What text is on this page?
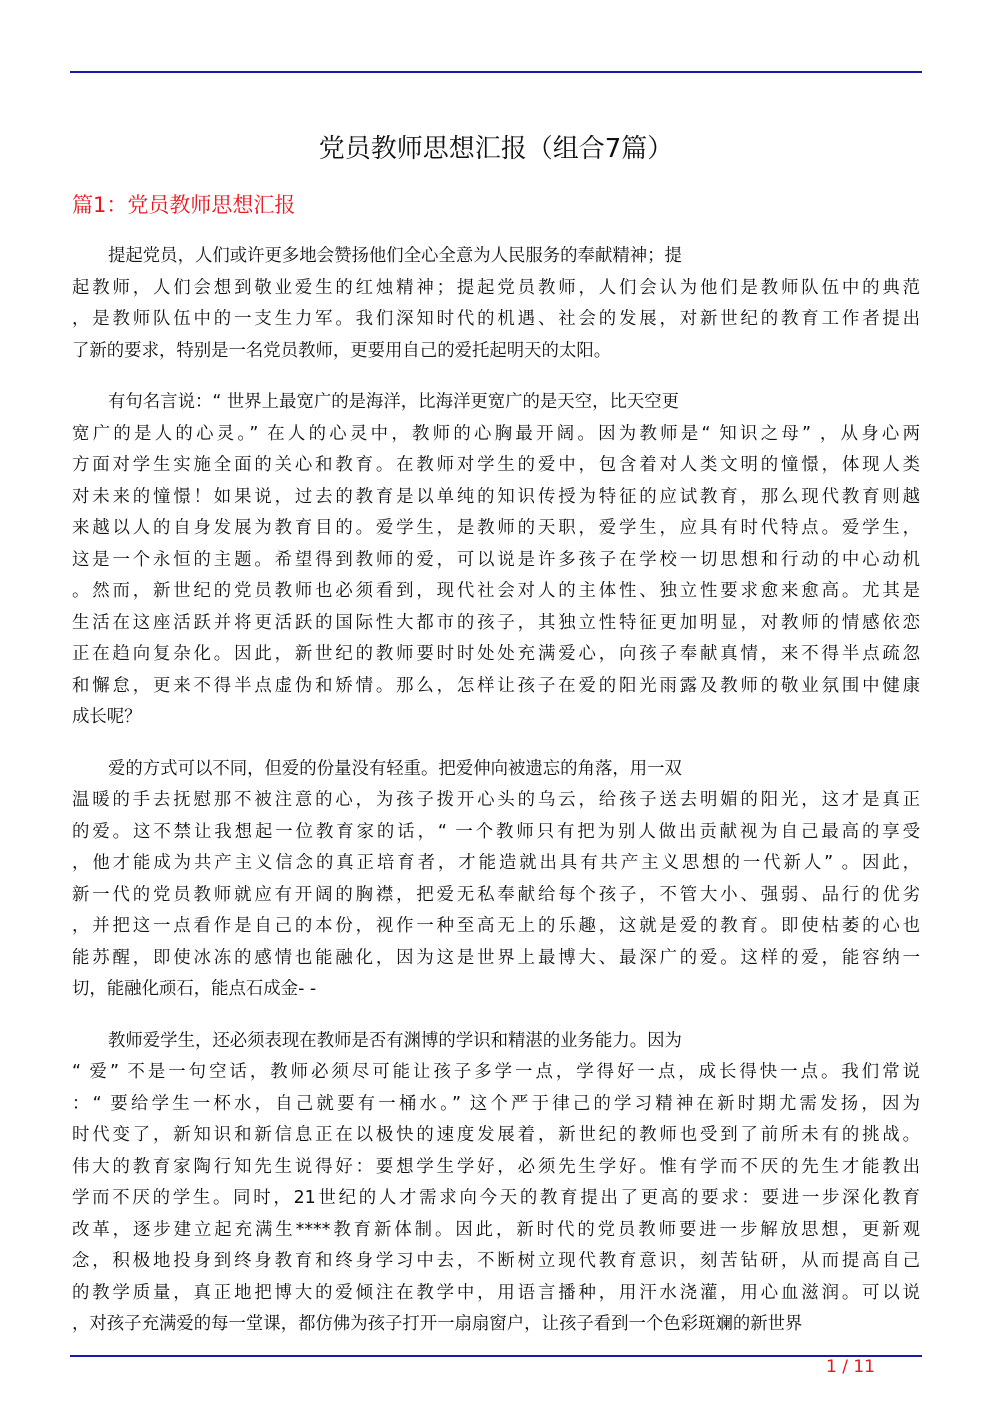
党员教师思想汇报（组合7篇）
篇1：党员教师思想汇报
提起党员，人们或许更多地会赞扬他们全心全意为人民服务的奉献精神；提
起教师，人们会想到敬业爱生的红烛精神；提起党员教师，人们会认为他们是教师队伍中的典范
，是教师队伍中的一支生力军。我们深知时代的机遇、社会的发展，对新世纪的教育工作者提出
了新的要求，特别是一名党员教师，更要用自己的爱托起明天的太阳。
有句名言说：“ 世界上最宽广的是海洋，比海洋更宽广的是天空，比天空更
宽广的是人的心灵。” 在人的心灵中，教师的心胸最开阔。因为教师是“ 知识之母” ，从身心两
方面对学生实施全面的关心和教育。在教师对学生的爱中，包含着对人类文明的憧憬，体现人类
对未来的憧憬！如果说，过去的教育是以单纯的知识传授为特征的应试教育，那么现代教育则越
来越以人的自身发展为教育目的。爱学生，是教师的天职，爱学生，应具有时代特点。爱学生，
这是一个永恒的主题。希望得到教师的爱，可以说是许多孩子在学校一切思想和行动的中心动机
。然而，新世纪的党员教师也必须看到，现代社会对人的主体性、独立性要求愈来愈高。尤其是
生活在这座活跃并将更活跃的国际性大都市的孩子，其独立性特征更加明显，对教师的情感依恋
正在趋向复杂化。因此，新世纪的教师要时时处处充满爱心，向孩子奉献真情，来不得半点疏忽
和懈怠，更来不得半点虚伪和矫情。那么，怎样让孩子在爱的阳光雨露及教师的敬业氛围中健康
成长呢？
爱的方式可以不同，但爱的份量没有轻重。把爱伸向被遗忘的角落，用一双
温暖的手去抚慰那不被注意的心，为孩子拨开心头的乌云，给孩子送去明媚的阳光，这才是真正
的爱。这不禁让我想起一位教育家的话，“ 一个教师只有把为别人做出贡献视为自己最高的享受
，他才能成为共产主义信念的真正培育者，才能造就出具有共产主义思想的一代新人” 。因此，
新一代的党员教师就应有开阔的胸襟，把爱无私奉献给每个孩子，不管大小、强弱、品行的优劣
，并把这一点看作是自己的本份，视作一种至高无上的乐趣，这就是爱的教育。即使枯萎的心也
能苏醒，即使冰冻的感情也能融化，因为这是世界上最博大、最深广的爱。这样的爱，能容纳一
切，能融化顽石，能点石成金- -
教师爱学生，还必须表现在教师是否有渊博的学识和精湛的业务能力。因为
“ 爱” 不是一句空话，教师必须尽可能让孩子多学一点，学得好一点，成长得快一点。我们常说
：“ 要给学生一杯水，自己就要有一桶水。” 这个严于律己的学习精神在新时期尤需发扬，因为
时代变了，新知识和新信息正在以极快的速度发展着，新世纪的教师也受到了前所未有的挑战。
伟大的教育家陶行知先生说得好：要想学生学好，必须先生学好。惟有学而不厌的先生才能教出
学而不厌的学生。同时，21世纪的人才需求向今天的教育提出了更高的要求：要进一步深化教育
改革，逐步建立起充满生****教育新体制。因此，新时代的党员教师要进一步解放思想，更新观
念，积极地投身到终身教育和终身学习中去，不断树立现代教育意识，刻苦钻研，从而提高自己
的教学质量，真正地把博大的爱倾注在教学中，用语言播种，用汗水浇灌，用心血滋润。可以说
，对孩子充满爱的每一堂课，都仿佛为孩子打开一扇扇窗户，让孩子看到一个色彩斑斓的新世界
1 / 11
